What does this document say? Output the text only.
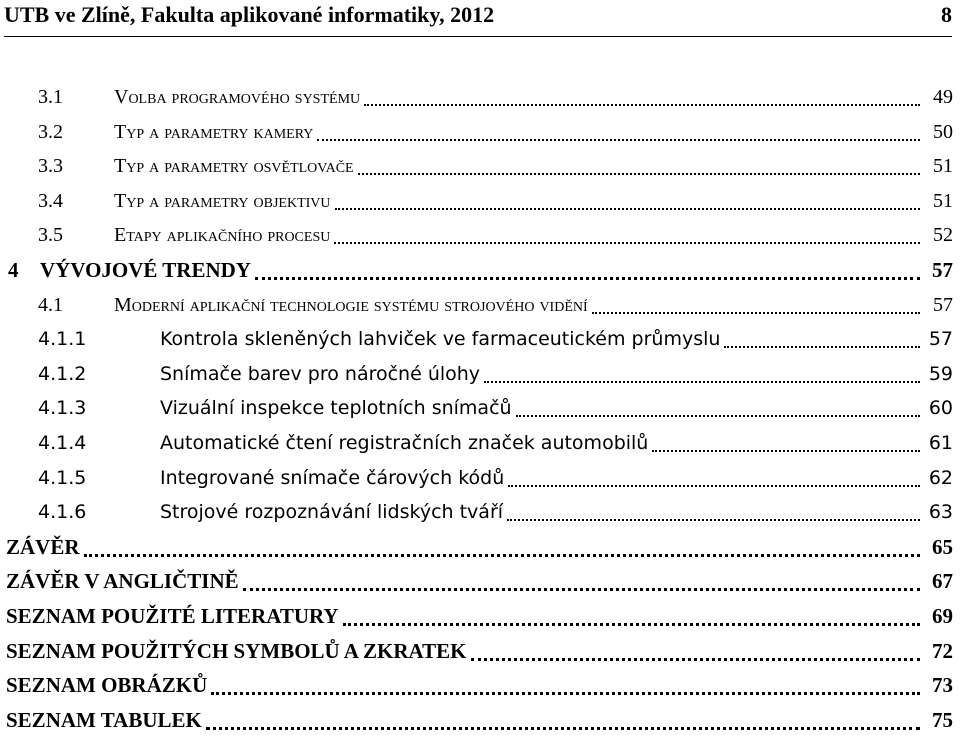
UTB ve Zlíně, Fakulta aplikované informatiky, 2012	8
3.1	Volba programového systému	49
3.2	Typ a parametry kamery	50
3.3	Typ a parametry osvětlovače	51
3.4	Typ a parametry objektivu	51
3.5	Etapy aplikačního procesu	52
4 VÝVOJOVÉ TRENDY	57
4.1	Moderní aplikační technologie systému strojového vidění	57
4.1.1	Kontrola skleněných lahviček ve farmaceutickém průmyslu	57
4.1.2	Snímače barev pro náročné úlohy	59
4.1.3	Vizuální inspekce teplotních snímačů	60
4.1.4	Automatické čtení registračních značek automobilů	61
4.1.5	Integrované snímače čárových kódů	62
4.1.6	Strojové rozpoznávání lidských tváří	63
ZÁVĚR	65
ZÁVĚR V ANGLIČTINĚ	67
SEZNAM POUŽITÉ LITERATURY	69
SEZNAM POUŽITÝCH SYMBOLŮ A ZKRATEK	72
SEZNAM OBRÁZKŮ	73
SEZNAM TABULEK	75
